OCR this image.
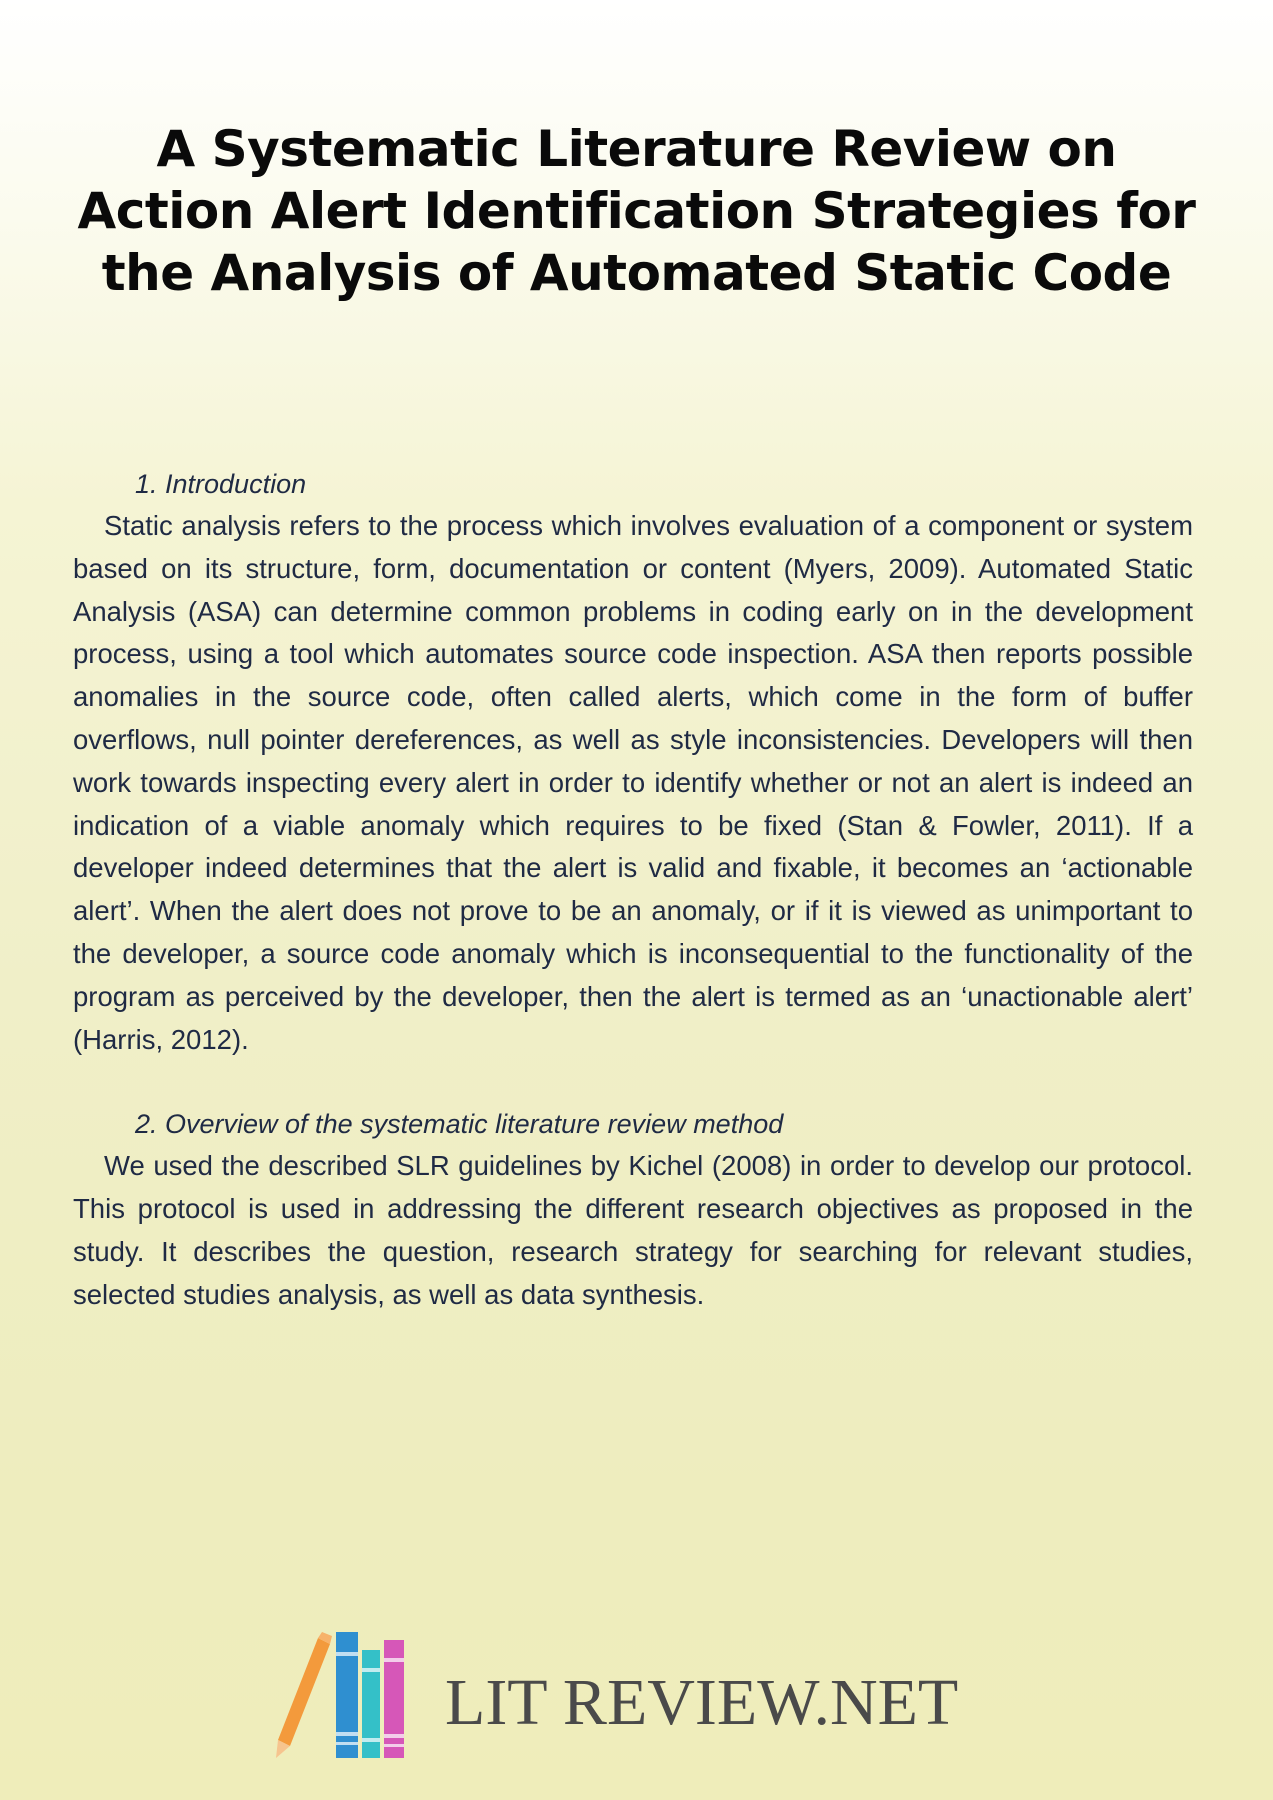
A Systematic Literature Review on Action Alert Identification Strategies for the Analysis of Automated Static Code
1. Introduction

Static analysis refers to the process which involves evaluation of a component or system based on its structure, form, documentation or content (Myers, 2009). Automated Static Analysis (ASA) can determine common problems in coding early on in the development process, using a tool which automates source code inspection. ASA then reports possible anomalies in the source code, often called alerts, which come in the form of buffer overflows, null pointer dereferences, as well as style inconsistencies. Developers will then work towards inspecting every alert in order to identify whether or not an alert is indeed an indication of a viable anomaly which requires to be fixed (Stan & Fowler, 2011). If a developer indeed determines that the alert is valid and fixable, it becomes an ‘actionable alert’. When the alert does not prove to be an anomaly, or if it is viewed as unimportant to the developer, a source code anomaly which is inconsequential to the functionality of the program as perceived by the developer, then the alert is termed as an ‘unactionable alert’ (Harris, 2012).

2. Overview of the systematic literature review method

We used the described SLR guidelines by Kichel (2008) in order to develop our protocol. This protocol is used in addressing the different research objectives as proposed in the study. It describes the question, research strategy for searching for relevant studies, selected studies analysis, as well as data synthesis.

LIT REVIEW.NET
